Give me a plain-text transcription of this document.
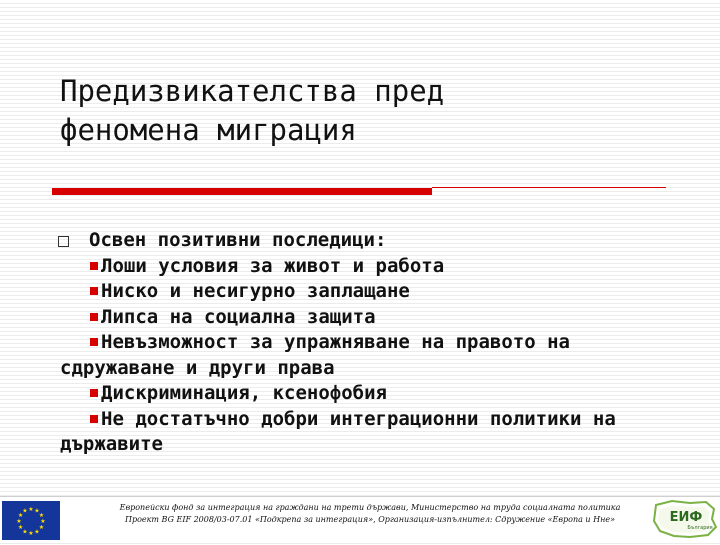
Предизвикателства пред
феномена миграция
Освен позитивни последици:
Лоши условия за живот и работа
Ниско и несигурно заплащане
Липса на социална защита
Невъзможност за упражняване на правото на сдружаване и други права
Дискриминация, ксенофобия
Не достатъчно добри интеграционни политики на държавите
★ ★
★
★
★
★
★
★
★
★
★
★	Европейски фонд за интеграция на граждани на трети държави, Министерство на труда социалната политика
Проект BG EIF 2008/03-07.01 «Подкрепа за интеграция», Организация-изпълнител: Сдружение «Европа и Нне»	ЕИФ
България
